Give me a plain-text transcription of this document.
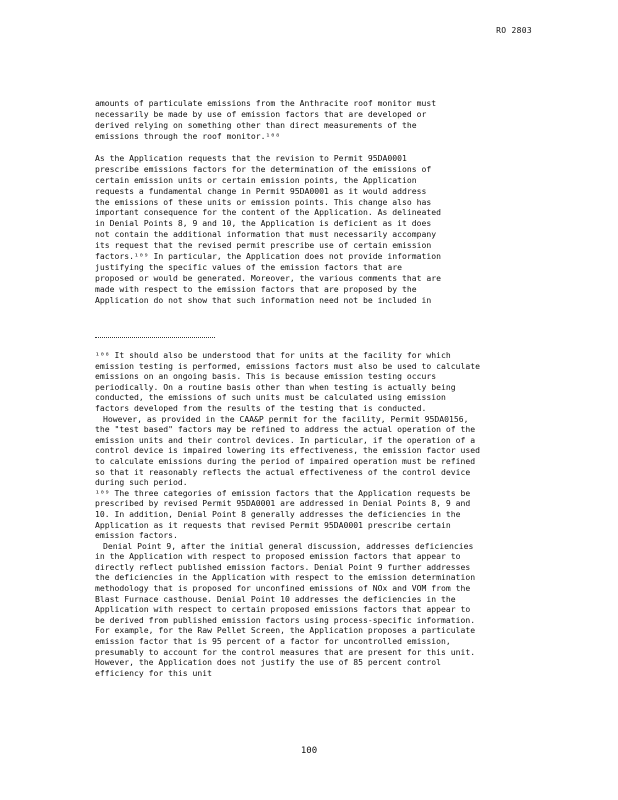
RO 2803
amounts of particulate emissions from the Anthracite roof monitor must
necessarily be made by use of emission factors that are developed or
derived relying on something other than direct measurements of the
emissions through the roof monitor.¹⁰⁸
As the Application requests that the revision to Permit 95DA0001
prescribe emissions factors for the determination of the emissions of
certain emission units or certain emission points, the Application
requests a fundamental change in Permit 95DA0001 as it would address
the emissions of these units or emission points. This change also has
important consequence for the content of the Application. As delineated
in Denial Points 8, 9 and 10, the Application is deficient as it does
not contain the additional information that must necessarily accompany
its request that the revised permit prescribe use of certain emission
factors.¹⁰⁹ In particular, the Application does not provide information
justifying the specific values of the emission factors that are
proposed or would be generated. Moreover, the various comments that are
made with respect to the emission factors that are proposed by the
Application do not show that such information need not be included in
¹⁰⁸ It should also be understood that for units at the facility for which
emission testing is performed, emissions factors must also be used to calculate
emissions on an ongoing basis. This is because emission testing occurs
periodically. On a routine basis other than when testing is actually being
conducted, the emissions of such units must be calculated using emission
factors developed from the results of the testing that is conducted.
However, as provided in the CAA&P permit for the facility, Permit 95DA0156,
the "test based" factors may be refined to address the actual operation of the
emission units and their control devices. In particular, if the operation of a
control device is impaired lowering its effectiveness, the emission factor used
to calculate emissions during the period of impaired operation must be refined
so that it reasonably reflects the actual effectiveness of the control device
during such period.
¹⁰⁹ The three categories of emission factors that the Application requests be
prescribed by revised Permit 95DA0001 are addressed in Denial Points 8, 9 and
10. In addition, Denial Point 8 generally addresses the deficiencies in the
Application as it requests that revised Permit 95DA0001 prescribe certain
emission factors.
Denial Point 9, after the initial general discussion, addresses deficiencies
in the Application with respect to proposed emission factors that appear to
directly reflect published emission factors. Denial Point 9 further addresses
the deficiencies in the Application with respect to the emission determination
methodology that is proposed for unconfined emissions of NOx and VOM from the
Blast Furnace casthouse. Denial Point 10 addresses the deficiencies in the
Application with respect to certain proposed emissions factors that appear to
be derived from published emission factors using process-specific information.
For example, for the Raw Pellet Screen, the Application proposes a particulate
emission factor that is 95 percent of a factor for uncontrolled emission,
presumably to account for the control measures that are present for this unit.
However, the Application does not justify the use of 85 percent control
efficiency for this unit
100
